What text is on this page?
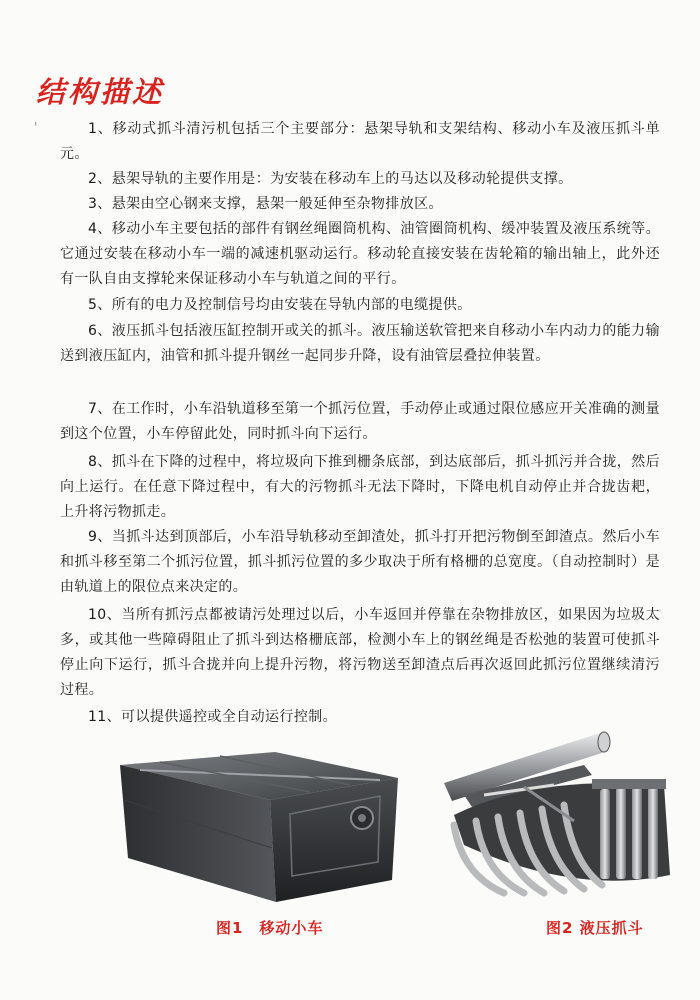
结构描述
'	1、移动式抓斗清污机包括三个主要部分：悬架导轨和支架结构、移动小车及液压抓斗单元。

2、悬架导轨的主要作用是：为安装在移动车上的马达以及移动轮提供支撑。

3、悬架由空心钢来支撑，悬架一般延伸至杂物排放区。

4、移动小车主要包括的部件有钢丝绳圈筒机构、油管圈筒机构、缓冲装置及液压系统等。它通过安装在移动小车一端的减速机驱动运行。移动轮直接安装在齿轮箱的输出轴上，此外还有一队自由支撑轮来保证移动小车与轨道之间的平行。

5、所有的电力及控制信号均由安装在导轨内部的电缆提供。

6、液压抓斗包括液压缸控制开或关的抓斗。液压输送软管把来自移动小车内动力的能力输送到液压缸内，油管和抓斗提升钢丝一起同步升降，设有油管层叠拉伸装置。

7、在工作时，小车沿轨道移至第一个抓污位置，手动停止或通过限位感应开关准确的测量到这个位置，小车停留此处，同时抓斗向下运行。

8、抓斗在下降的过程中，将垃圾向下推到栅条底部，到达底部后，抓斗抓污并合拢，然后向上运行。在任意下降过程中，有大的污物抓斗无法下降时，下降电机自动停止并合拢齿耙，上升将污物抓走。

9、当抓斗达到顶部后，小车沿导轨移动至卸渣处，抓斗打开把污物倒至卸渣点。然后小车和抓斗移至第二个抓污位置，抓斗抓污位置的多少取决于所有格栅的总宽度。（自动控制时）是由轨道上的限位点来决定的。

10、当所有抓污点都被请污处理过以后，小车返回并停靠在杂物排放区，如果因为垃圾太多，或其他一些障碍阻止了抓斗到达格栅底部，检测小车上的钢丝绳是否松弛的装置可使抓斗停止向下运行，抓斗合拢并向上提升污物，将污物送至卸渣点后再次返回此抓污位置继续清污过程。

11、可以提供遥控或全自动运行控制。

图1　移动小车	图2 液压抓斗
